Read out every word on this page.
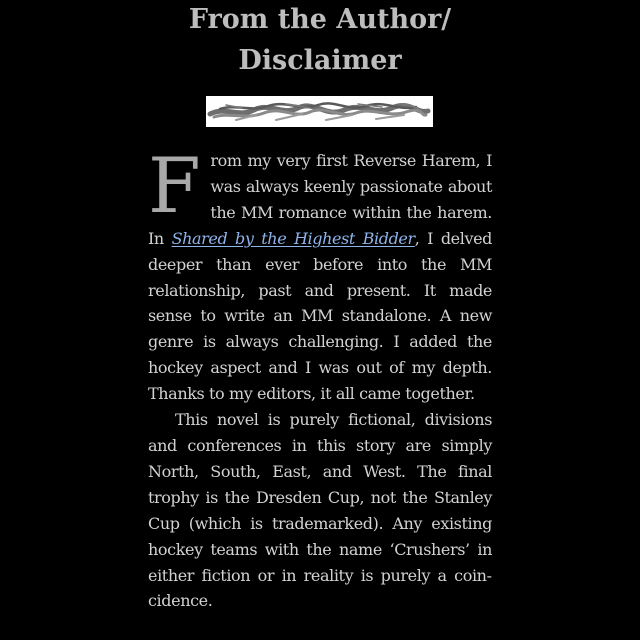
From the Author/
Disclaimer

From my very first Reverse Harem, I was always keenly passionate about the MM romance within the harem. In Shared by the Highest Bidder, I delved deeper than ever before into the MM relationship, past and present. It made sense to write an MM standalone. A new genre is always challenging. I added the hockey aspect and I was out of my depth. Thanks to my editors, it all came together.

This novel is purely fictional, divisions and conferences in this story are simply North, South, East, and West. The final trophy is the Dresden Cup, not the Stanley Cup (which is trademarked). Any existing hockey teams with the name ‘Crushers’ in either fiction or in reality is purely a coincidence.
